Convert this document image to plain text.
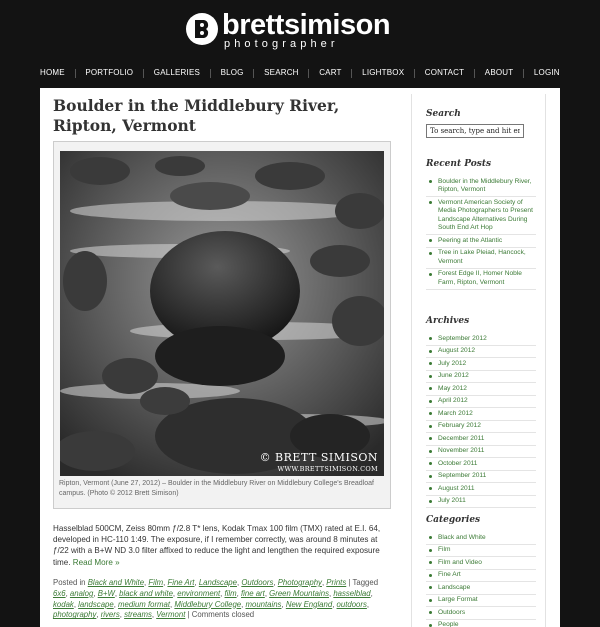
brettsimison
photographer
HOME	PORTFOLIO	GALLERIES	BLOG	SEARCH	CART	LIGHTBOX	CONTACT	ABOUT	LOGIN
Boulder in the Middlebury River, Ripton, Vermont
© BRETT SIMISON
WWW.BRETTSIMISON.COM
Ripton, Vermont (June 27, 2012) – Boulder in the Middlebury River on Middlebury College's Breadloaf campus. (Photo © 2012 Brett Simison)
Hasselblad 500CM, Zeiss 80mm ƒ/2.8 T* lens, Kodak Tmax 100 film (TMX) rated at E.I. 64, developed in HC-110 1:49. The exposure, if I remember correctly, was around 8 minutes at ƒ/22 with a B+W ND 3.0 filter affixed to reduce the light and lengthen the required exposure time. Read More »
Posted in Black and White, Film, Fine Art, Landscape, Outdoors, Photography, Prints | Tagged 6x6, analog, B+W, black and white, environment, film, fine art, Green Mountains, hasselblad, kodak, landscape, medium format, Middlebury College, mountains, New England, outdoors, photography, rivers, streams, Vermont | Comments closed
Search
To search, type and hit enter
Recent Posts
Boulder in the Middlebury River, Ripton, Vermont
Vermont American Society of Media Photographers to Present Landscape Alternatives During South End Art Hop
Peering at the Atlantic
Tree in Lake Pleiad, Hancock, Vermont
Forest Edge II, Homer Noble Farm, Ripton, Vermont
Archives
September 2012
August 2012
July 2012
June 2012
May 2012
April 2012
March 2012
February 2012
December 2011
November 2011
October 2011
September 2011
August 2011
July 2011
Categories
Black and White
Film
Film and Video
Fine Art
Landscape
Large Format
Outdoors
People
